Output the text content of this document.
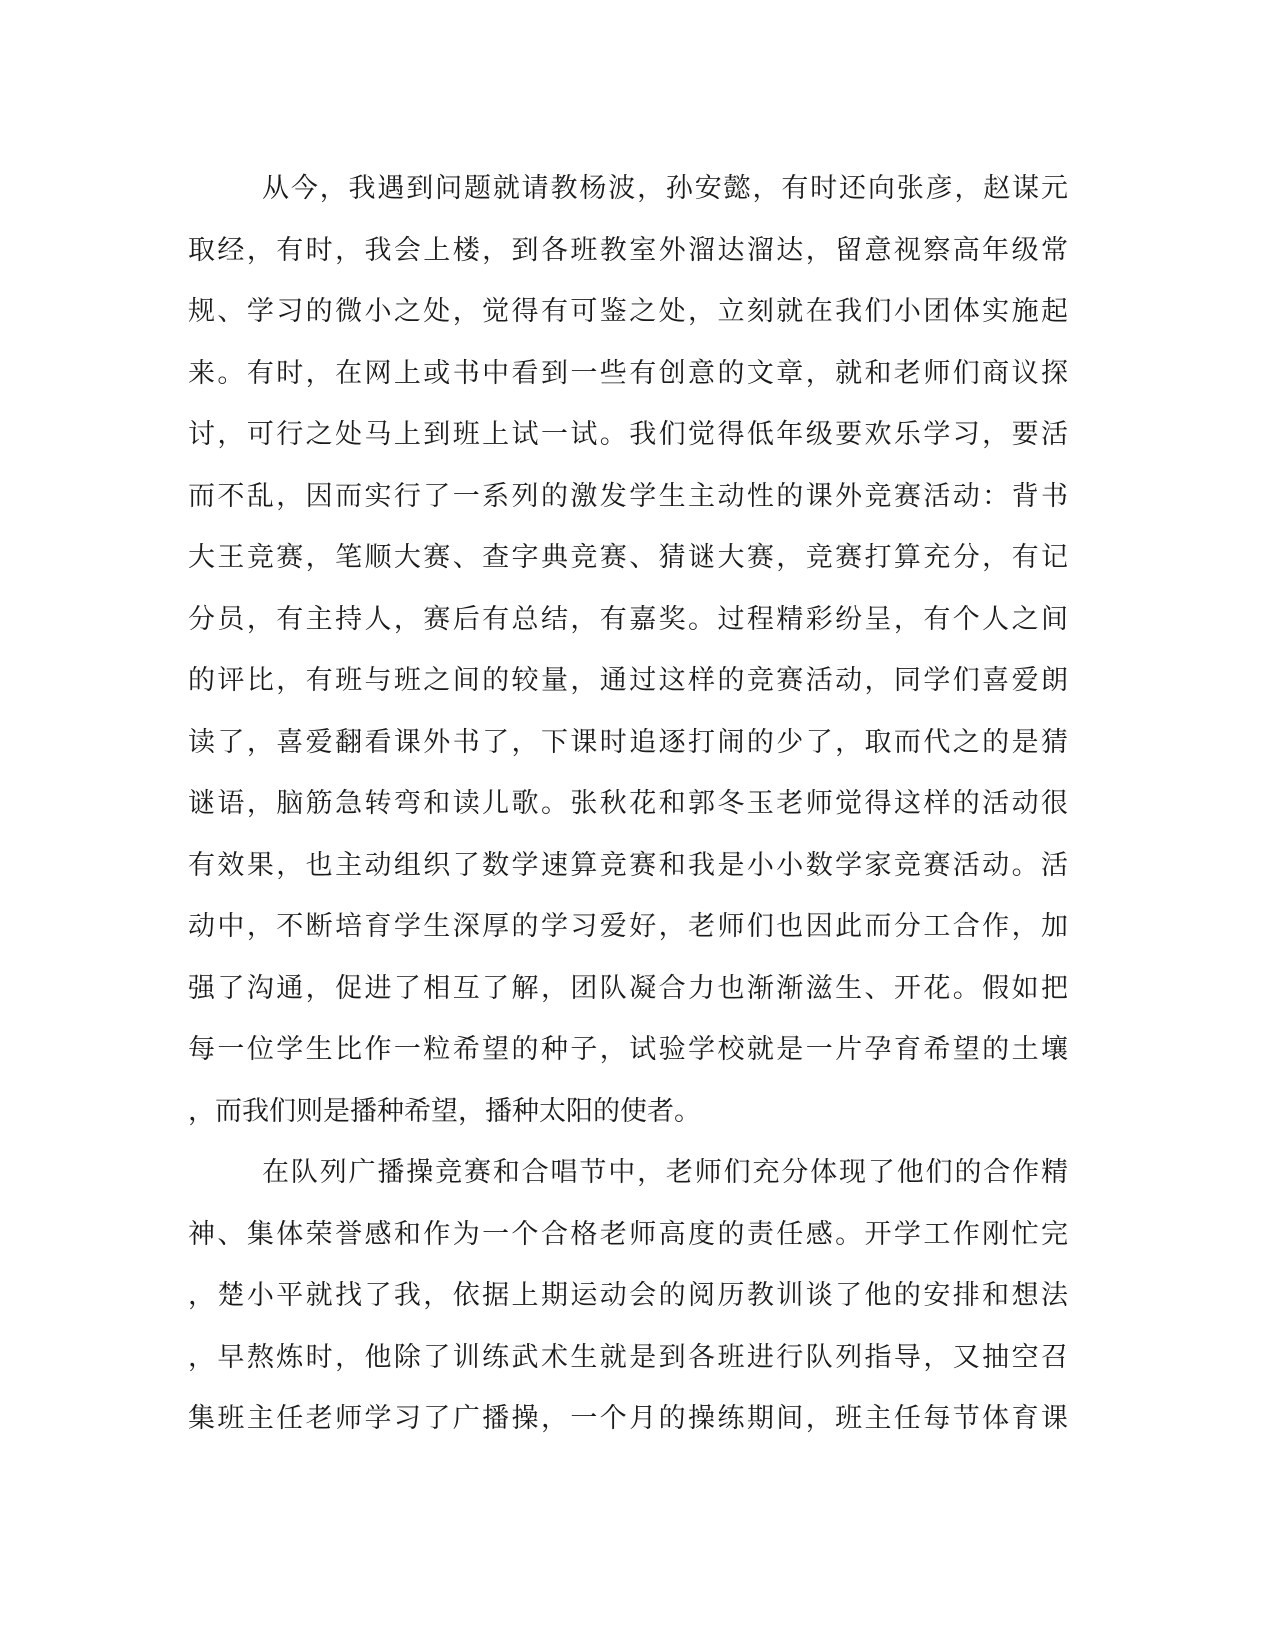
从今，我遇到问题就请教杨波，孙安懿，有时还向张彦，赵谋元
取经，有时，我会上楼，到各班教室外溜达溜达，留意视察高年级常
规、学习的微小之处，觉得有可鉴之处，立刻就在我们小团体实施起
来。有时，在网上或书中看到一些有创意的文章，就和老师们商议探
讨，可行之处马上到班上试一试。我们觉得低年级要欢乐学习，要活
而不乱，因而实行了一系列的激发学生主动性的课外竞赛活动：背书
大王竞赛，笔顺大赛、查字典竞赛、猜谜大赛，竞赛打算充分，有记
分员，有主持人，赛后有总结，有嘉奖。过程精彩纷呈，有个人之间
的评比，有班与班之间的较量，通过这样的竞赛活动，同学们喜爱朗
读了，喜爱翻看课外书了，下课时追逐打闹的少了，取而代之的是猜
谜语，脑筋急转弯和读儿歌。张秋花和郭冬玉老师觉得这样的活动很
有效果，也主动组织了数学速算竞赛和我是小小数学家竞赛活动。活
动中，不断培育学生深厚的学习爱好，老师们也因此而分工合作，加
强了沟通，促进了相互了解，团队凝合力也渐渐滋生、开花。假如把
每一位学生比作一粒希望的种子，试验学校就是一片孕育希望的土壤
，而我们则是播种希望，播种太阳的使者。
在队列广播操竞赛和合唱节中，老师们充分体现了他们的合作精
神、集体荣誉感和作为一个合格老师高度的责任感。开学工作刚忙完
，楚小平就找了我，依据上期运动会的阅历教训谈了他的安排和想法
，早熬炼时，他除了训练武术生就是到各班进行队列指导，又抽空召
集班主任老师学习了广播操，一个月的操练期间，班主任每节体育课
